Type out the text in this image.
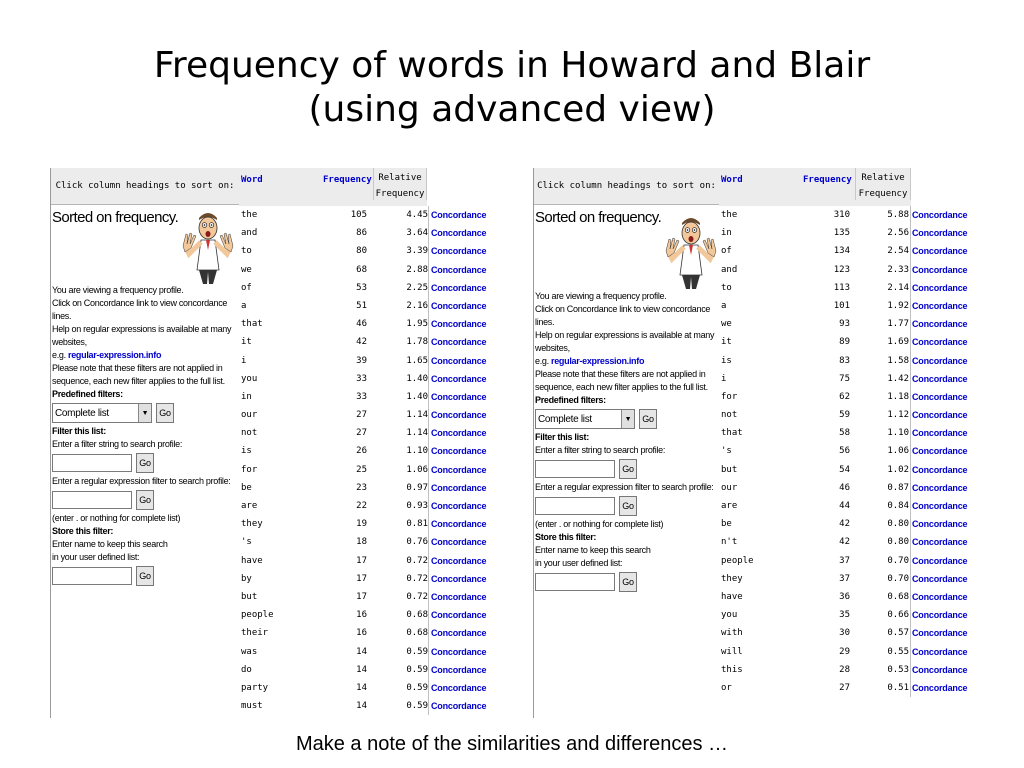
Frequency of words in Howard and Blair
(using advanced view)
Click column headings to sort on:
Sorted on frequency.
You are viewing a frequency profile.
Click on Concordance link to view concordance lines.
Help on regular expressions is available at many websites,
e.g. regular-expression.info
Please note that these filters are not applied in
sequence, each new filter applies to the full list.
Predefined filters:
Complete list	▼	Go
Filter this list:
Enter a filter string to search profile:
Go
Enter a regular expression filter to search profile:
Go
(enter . or nothing for complete list)
Store this filter:
Enter name to keep this search
in your user defined list:
Go
Word	Frequency Relative
Frequency
the	105	4.45 Concordance
and	86	3.64 Concordance
to	80	3.39 Concordance
we	68	2.88 Concordance
of	53	2.25 Concordance
a	51	2.16 Concordance
that	46	1.95 Concordance
it	42	1.78 Concordance
i	39	1.65 Concordance
you	33	1.40 Concordance
in	33	1.40 Concordance
our	27	1.14 Concordance
not	27	1.14 Concordance
is	26	1.10 Concordance
for	25	1.06 Concordance
be	23	0.97 Concordance
are	22	0.93 Concordance
they	19	0.81 Concordance
's	18	0.76 Concordance
have	17	0.72 Concordance
by	17	0.72 Concordance
but	17	0.72 Concordance
people	16	0.68 Concordance
their	16	0.68 Concordance
was	14	0.59 Concordance
do	14	0.59 Concordance
party	14	0.59 Concordance
must	14	0.59 Concordance
Click column headings to sort on:
Sorted on frequency.
You are viewing a frequency profile.
Click on Concordance link to view concordance lines.
Help on regular expressions is available at many websites,
e.g. regular-expression.info
Please note that these filters are not applied in
sequence, each new filter applies to the full list.
Predefined filters:
Complete list	▼	Go
Filter this list:
Enter a filter string to search profile:
Go
Enter a regular expression filter to search profile:
Go
(enter . or nothing for complete list)
Store this filter:
Enter name to keep this search
in your user defined list:
Go
Word	Frequency	Relative
Frequency
the	310	5.88 Concordance
in	135	2.56 Concordance
of	134	2.54 Concordance
and	123	2.33 Concordance
to	113	2.14 Concordance
a	101	1.92 Concordance
we	93	1.77 Concordance
it	89	1.69 Concordance
is	83	1.58 Concordance
i	75	1.42 Concordance
for	62	1.18 Concordance
not	59	1.12 Concordance
that	58	1.10 Concordance
's	56	1.06 Concordance
but	54	1.02 Concordance
our	46	0.87 Concordance
are	44	0.84 Concordance
be	42	0.80 Concordance
n't	42	0.80 Concordance
people	37	0.70 Concordance
they	37	0.70 Concordance
have	36	0.68 Concordance
you	35	0.66 Concordance
with	30	0.57 Concordance
will	29	0.55 Concordance
this	28	0.53 Concordance
or	27	0.51 Concordance
Make a note of the similarities and differences …
